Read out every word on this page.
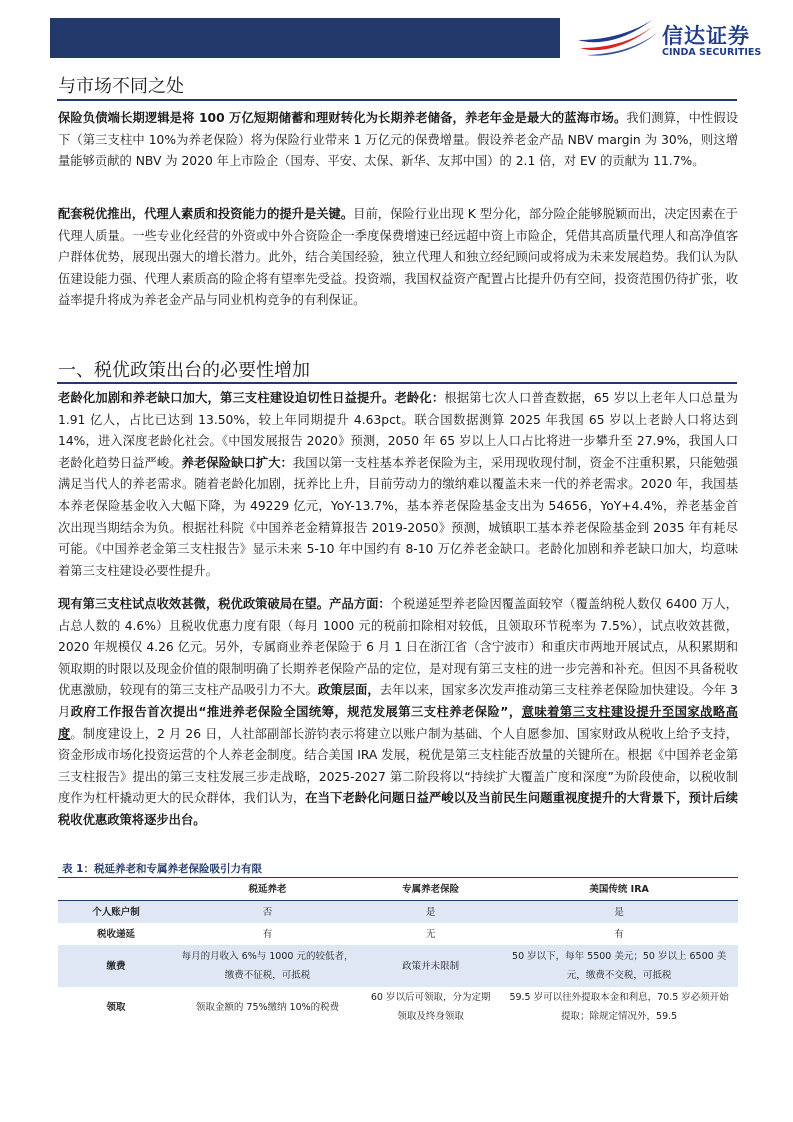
信达证券
CINDA SECURITIES
与市场不同之处

保险负债端长期逻辑是将 100 万亿短期储蓄和理财转化为长期养老储备，养老年金是最大的蓝海市场。我们测算，中性假设下（第三支柱中 10%为养老保险）将为保险行业带来 1 万亿元的保费增量。假设养老金产品 NBV margin 为 30%，则这增量能够贡献的 NBV 为 2020 年上市险企（国寿、平安、太保、新华、友邦中国）的 2.1 倍，对 EV 的贡献为 11.7%。

配套税优推出，代理人素质和投资能力的提升是关键。目前，保险行业出现 K 型分化，部分险企能够脱颖而出，决定因素在于代理人质量。一些专业化经营的外资或中外合资险企一季度保费增速已经远超中资上市险企，凭借其高质量代理人和高净值客户群体优势，展现出强大的增长潜力。此外，结合美国经验，独立代理人和独立经纪顾问或将成为未来发展趋势。我们认为队伍建设能力强、代理人素质高的险企将有望率先受益。投资端，我国权益资产配置占比提升仍有空间，投资范围仍待扩张，收益率提升将成为养老金产品与同业机构竞争的有利保证。

一、税优政策出台的必要性增加

老龄化加剧和养老缺口加大，第三支柱建设迫切性日益提升。老龄化：根据第七次人口普查数据，65 岁以上老年人口总量为 1.91 亿人，占比已达到 13.50%，较上年同期提升 4.63pct。联合国数据测算 2025 年我国 65 岁以上老龄人口将达到 14%，进入深度老龄化社会。《中国发展报告 2020》预测，2050 年 65 岁以上人口占比将进一步攀升至 27.9%，我国人口老龄化趋势日益严峻。养老保险缺口扩大：我国以第一支柱基本养老保险为主，采用现收现付制，资金不注重积累，只能勉强满足当代人的养老需求。随着老龄化加剧，抚养比上升，目前劳动力的缴纳难以覆盖未来一代的养老需求。2020 年，我国基本养老保险基金收入大幅下降，为 49229 亿元，YoY-13.7%，基本养老保险基金支出为 54656，YoY+4.4%，养老基金首次出现当期结余为负。根据社科院《中国养老金精算报告 2019-2050》预测，城镇职工基本养老保险基金到 2035 年有耗尽可能。《中国养老金第三支柱报告》显示未来 5-10 年中国约有 8-10 万亿养老金缺口。老龄化加剧和养老缺口加大，均意味着第三支柱建设必要性提升。

现有第三支柱试点收效甚微，税优政策破局在望。产品方面：个税递延型养老险因覆盖面较窄（覆盖纳税人数仅 6400 万人，占总人数的 4.6%）且税收优惠力度有限（每月 1000 元的税前扣除相对较低，且领取环节税率为 7.5%），试点收效甚微，2020 年规模仅 4.26 亿元。另外，专属商业养老保险于 6 月 1 日在浙江省（含宁波市）和重庆市两地开展试点，从积累期和领取期的时限以及现金价值的限制明确了长期养老保险产品的定位，是对现有第三支柱的进一步完善和补充。但因不具备税收优惠激励，较现有的第三支柱产品吸引力不大。政策层面，去年以来，国家多次发声推动第三支柱养老保险加快建设。今年 3 月政府工作报告首次提出“推进养老保险全国统筹，规范发展第三支柱养老保险”，意味着第三支柱建设提升至国家战略高度。制度建设上，2 月 26 日，人社部副部长游钧表示将建立以账户制为基础、个人自愿参加、国家财政从税收上给予支持，资金形成市场化投资运营的个人养老金制度。结合美国 IRA 发展，税优是第三支柱能否放量的关键所在。根据《中国养老金第三支柱报告》提出的第三支柱发展三步走战略，2025-2027 第二阶段将以“持续扩大覆盖广度和深度”为阶段使命，以税收制度作为杠杆撬动更大的民众群体，我们认为，在当下老龄化问题日益严峻以及当前民生问题重视度提升的大背景下，预计后续税收优惠政策将逐步出台。

表 1：税延养老和专属养老保险吸引力有限
	税延养老	专属养老保险	美国传统 IRA
个人账户制	否	是	是
税收递延	有	无	有
缴费	每月的月收入 6%与 1000 元的较低者，缴费不征税，可抵税	政策并未限制	50 岁以下，每年 5500 美元；50 岁以上 6500 美元，缴费不交税，可抵税
领取	领取金额的 75%缴纳 10%的税费	60 岁以后可领取，分为定期领取及终身领取	59.5 岁可以往外提取本金和利息，70.5 岁必须开始提取；除规定情况外，59.5
